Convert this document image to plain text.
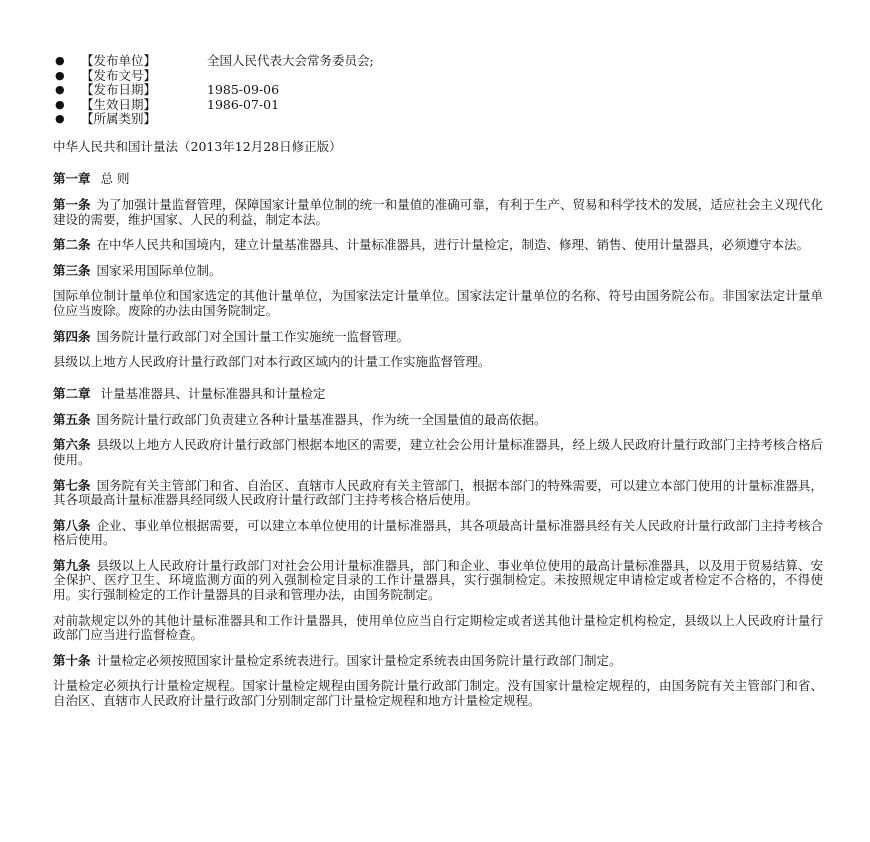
● 【发布单位】	全国人民代表大会常务委员会;
● 【发布文号】
● 【发布日期】	1985-09-06
● 【生效日期】	1986-07-01
● 【所属类别】
中华人民共和国计量法（2013年12月28日修正版）
第一章 总 则

第一条 为了加强计量监督管理，保障国家计量单位制的统一和量值的准确可靠，有利于生产、贸易和科学技术的发展，适应社会主义现代化建设的需要，维护国家、人民的利益，制定本法。

第二条 在中华人民共和国境内，建立计量基准器具、计量标准器具，进行计量检定，制造、修理、销售、使用计量器具，必须遵守本法。

第三条 国家采用国际单位制。

国际单位制计量单位和国家选定的其他计量单位，为国家法定计量单位。国家法定计量单位的名称、符号由国务院公布。非国家法定计量单位应当废除。废除的办法由国务院制定。

第四条 国务院计量行政部门对全国计量工作实施统一监督管理。

县级以上地方人民政府计量行政部门对本行政区域内的计量工作实施监督管理。

第二章 计量基准器具、计量标准器具和计量检定

第五条 国务院计量行政部门负责建立各种计量基准器具，作为统一全国量值的最高依据。

第六条 县级以上地方人民政府计量行政部门根据本地区的需要，建立社会公用计量标准器具，经上级人民政府计量行政部门主持考核合格后使用。

第七条 国务院有关主管部门和省、自治区、直辖市人民政府有关主管部门，根据本部门的特殊需要，可以建立本部门使用的计量标准器具，其各项最高计量标准器具经同级人民政府计量行政部门主持考核合格后使用。

第八条 企业、事业单位根据需要，可以建立本单位使用的计量标准器具，其各项最高计量标准器具经有关人民政府计量行政部门主持考核合格后使用。

第九条 县级以上人民政府计量行政部门对社会公用计量标准器具，部门和企业、事业单位使用的最高计量标准器具，以及用于贸易结算、安全保护、医疗卫生、环境监测方面的列入强制检定目录的工作计量器具，实行强制检定。未按照规定申请检定或者检定不合格的，不得使用。实行强制检定的工作计量器具的目录和管理办法，由国务院制定。

对前款规定以外的其他计量标准器具和工作计量器具，使用单位应当自行定期检定或者送其他计量检定机构检定，县级以上人民政府计量行政部门应当进行监督检查。

第十条 计量检定必须按照国家计量检定系统表进行。国家计量检定系统表由国务院计量行政部门制定。

计量检定必须执行计量检定规程。国家计量检定规程由国务院计量行政部门制定。没有国家计量检定规程的，由国务院有关主管部门和省、自治区、直辖市人民政府计量行政部门分别制定部门计量检定规程和地方计量检定规程。
